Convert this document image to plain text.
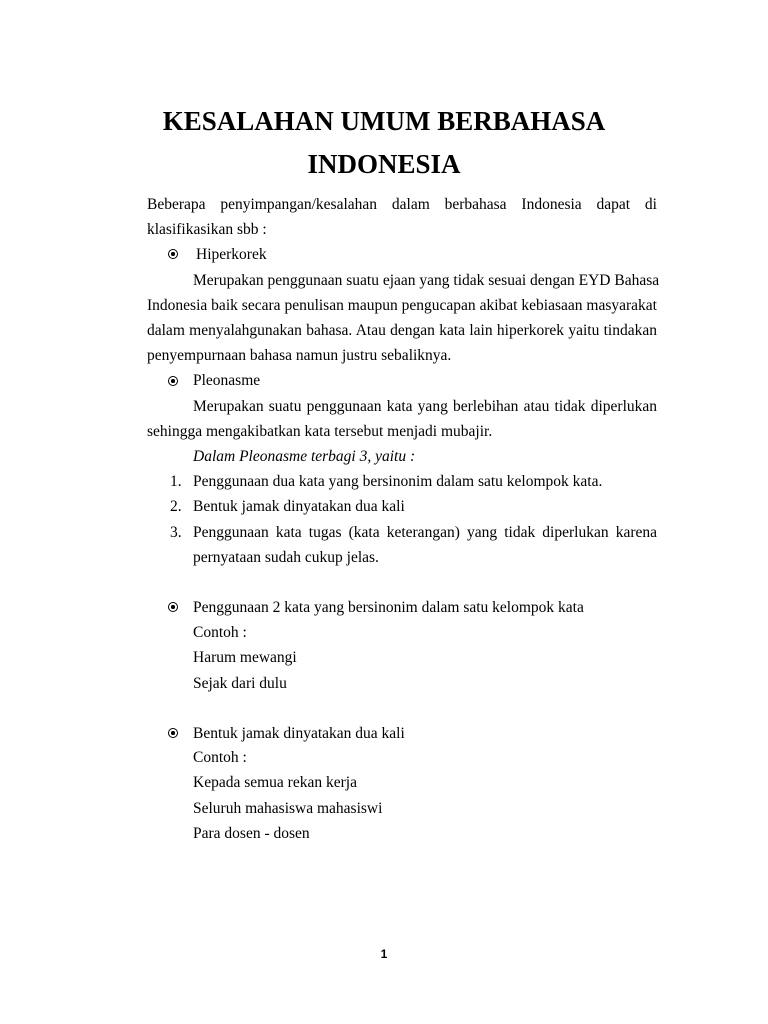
KESALAHAN UMUM BERBAHASA
INDONESIA
Beberapa penyimpangan/kesalahan dalam berbahasa Indonesia dapat di
klasifikasikan sbb :
Hiperkorek
Merupakan penggunaan suatu ejaan yang tidak sesuai dengan EYD Bahasa
Indonesia baik secara penulisan maupun pengucapan akibat kebiasaan masyarakat
dalam menyalahgunakan bahasa. Atau dengan kata lain hiperkorek yaitu tindakan
penyempurnaan bahasa namun justru sebaliknya.
Pleonasme
Merupakan suatu penggunaan kata yang berlebihan atau tidak diperlukan
sehingga mengakibatkan kata tersebut menjadi mubajir.
Dalam Pleonasme terbagi 3, yaitu :
1. Penggunaan dua kata yang bersinonim dalam satu kelompok kata.
2. Bentuk jamak dinyatakan dua kali
3. Penggunaan kata tugas (kata keterangan) yang tidak diperlukan karena
pernyataan sudah cukup jelas.
Penggunaan 2 kata yang bersinonim dalam satu kelompok kata
Contoh :
Harum mewangi
Sejak dari dulu
Bentuk jamak dinyatakan dua kali
Contoh :
Kepada semua rekan kerja
Seluruh mahasiswa mahasiswi
Para dosen - dosen
1
